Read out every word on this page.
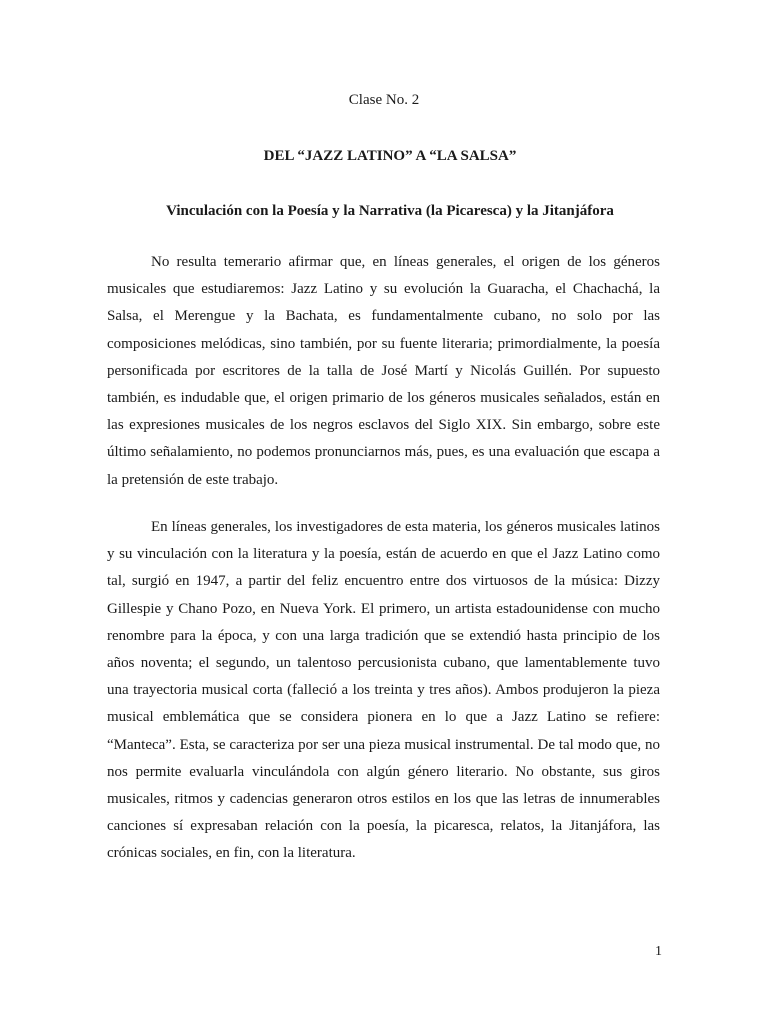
Clase No. 2

DEL “JAZZ LATINO” A “LA SALSA”

Vinculación con la Poesía y la Narrativa (la Picaresca) y la Jitanjáfora

No resulta temerario afirmar que, en líneas generales, el origen de los géneros
musicales que estudiaremos: Jazz Latino y su evolución la Guaracha, el Chachachá, la
Salsa, el Merengue y la Bachata, es fundamentalmente cubano, no solo por las
composiciones melódicas, sino también, por su fuente literaria; primordialmente, la poesía
personificada por escritores de la talla de José Martí y Nicolás Guillén. Por supuesto
también, es indudable que, el origen primario de los géneros musicales señalados, están en
las expresiones musicales de los negros esclavos del Siglo XIX. Sin embargo, sobre este
último señalamiento, no podemos pronunciarnos más, pues, es una evaluación que escapa a
la pretensión de este trabajo.
En líneas generales, los investigadores de esta materia, los géneros musicales latinos
y su vinculación con la literatura y la poesía, están de acuerdo en que el Jazz Latino como
tal, surgió en 1947, a partir del feliz encuentro entre dos virtuosos de la música: Dizzy
Gillespie y Chano Pozo, en Nueva York. El primero, un artista estadounidense con mucho
renombre para la época, y con una larga tradición que se extendió hasta principio de los
años noventa; el segundo, un talentoso percusionista cubano, que lamentablemente tuvo
una trayectoria musical corta (falleció a los treinta y tres años). Ambos produjeron la pieza
musical emblemática que se considera pionera en lo que a Jazz Latino se refiere:
“Manteca”. Esta, se caracteriza por ser una pieza musical instrumental. De tal modo que, no
nos permite evaluarla vinculándola con algún género literario. No obstante, sus giros
musicales, ritmos y cadencias generaron otros estilos en los que las letras de innumerables
canciones sí expresaban relación con la poesía, la picaresca, relatos, la Jitanjáfora, las
crónicas sociales, en fin, con la literatura.

1
